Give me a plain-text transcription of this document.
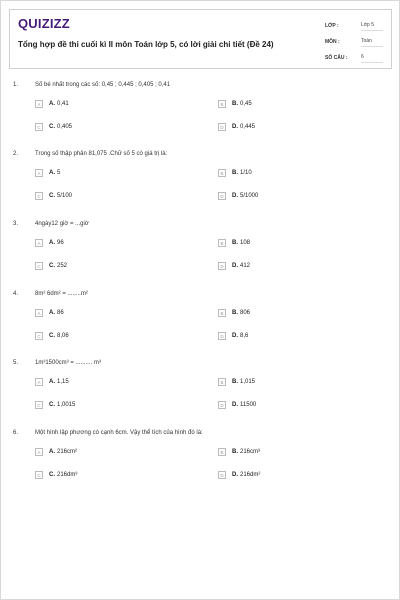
QUIZIZZ
Tổng hợp đề thi cuối kì II môn Toán lớp 5, có lời giải chi tiết (Đề 24)
LỚP :	Lớp 5
MÔN :	Toán
SỐ CÂU :	6
1.	Số bé nhất trong các số: 0,45 ; 0,445 ; 0,405 ; 0,41
A	A. 0,41	B	B. 0,45
C	C. 0,405	D	D. 0,445
2.	Trong số thập phân 81,075 .Chữ số 5 có giá trị là:
A	A. 5	B	B. 1/10
C	C. 5/100	D	D. 5/1000
3.	4ngày12 giờ = ...giờ
A	A. 96	B	B. 108
C	C. 252	D	D. 412
4.	8m² 6dm² = ........m²
A	A. 86	B	B. 806
C	C. 8,06	D	D. 8,6
5.	1m³1500cm³ = .......... m³
A	A. 1,15	B	B. 1,015
C	C. 1,0015	D	D. 11500
6.	Một hình lập phương có cạnh 6cm. Vậy thể tích của hình đó là:
A	A. 216cm²	B	B. 216cm³
C	C. 216dm³	D	D. 216dm²
